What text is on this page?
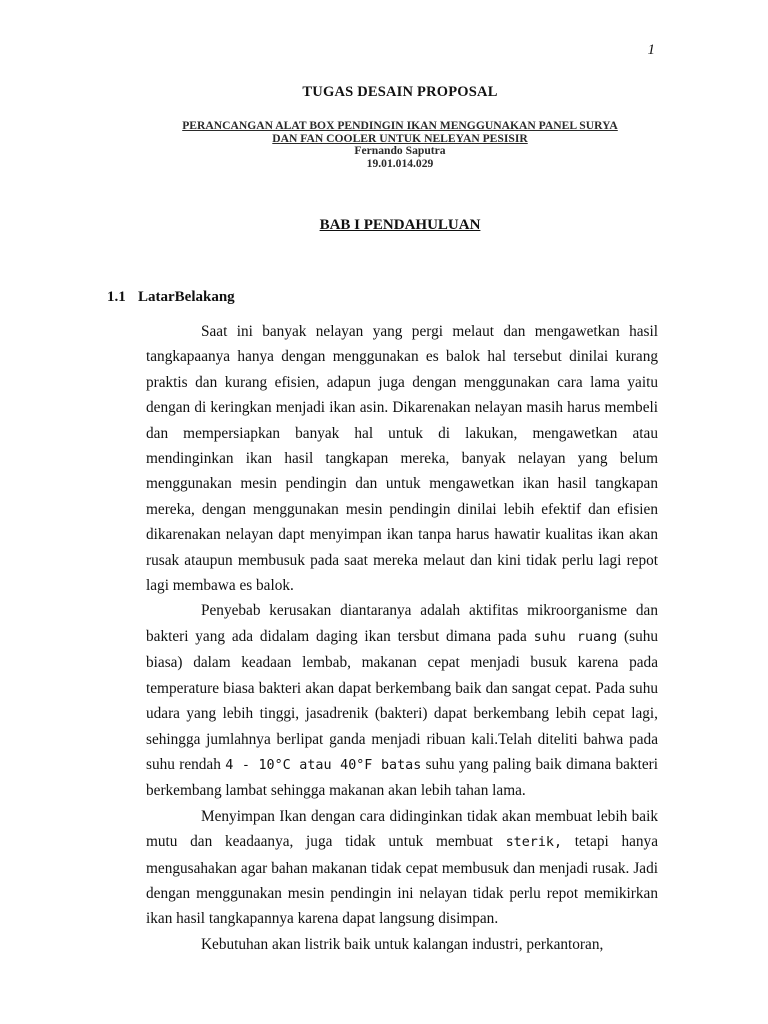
1
TUGAS DESAIN PROPOSAL
PERANCANGAN ALAT BOX PENDINGIN IKAN MENGGUNAKAN PANEL SURYA
DAN FAN COOLER UNTUK NELEYAN PESISIR
Fernando Saputra
19.01.014.029
BAB I PENDAHULUAN
1.1 LatarBelakang

Saat ini banyak nelayan yang pergi melaut dan mengawetkan hasil tangkapaanya hanya dengan menggunakan es balok hal tersebut dinilai kurang praktis dan kurang efisien, adapun juga dengan menggunakan cara lama yaitu dengan di keringkan menjadi ikan asin. Dikarenakan nelayan masih harus membeli dan mempersiapkan banyak hal untuk di lakukan, mengawetkan atau mendinginkan ikan hasil tangkapan mereka, banyak nelayan yang belum menggunakan mesin pendingin dan untuk mengawetkan ikan hasil tangkapan mereka, dengan menggunakan mesin pendingin dinilai lebih efektif dan efisien dikarenakan nelayan dapt menyimpan ikan tanpa harus hawatir kualitas ikan akan rusak ataupun membusuk pada saat mereka melaut dan kini tidak perlu lagi repot lagi membawa es balok.

Penyebab kerusakan diantaranya adalah aktifitas mikroorganisme dan bakteri yang ada didalam daging ikan tersbut dimana pada suhu ruang (suhu biasa) dalam keadaan lembab, makanan cepat menjadi busuk karena pada temperature biasa bakteri akan dapat berkembang baik dan sangat cepat. Pada suhu udara yang lebih tinggi, jasadrenik (bakteri) dapat berkembang lebih cepat lagi, sehingga jumlahnya berlipat ganda menjadi ribuan kali.Telah diteliti bahwa pada suhu rendah 4 - 10°C atau 40°F batas suhu yang paling baik dimana bakteri berkembang lambat sehingga makanan akan lebih tahan lama.

Menyimpan Ikan dengan cara didinginkan tidak akan membuat lebih baik mutu dan keadaanya, juga tidak untuk membuat sterik, tetapi hanya mengusahakan agar bahan makanan tidak cepat membusuk dan menjadi rusak. Jadi dengan menggunakan mesin pendingin ini nelayan tidak perlu repot memikirkan ikan hasil tangkapannya karena dapat langsung disimpan.

Kebutuhan akan listrik baik untuk kalangan industri, perkantoran,
